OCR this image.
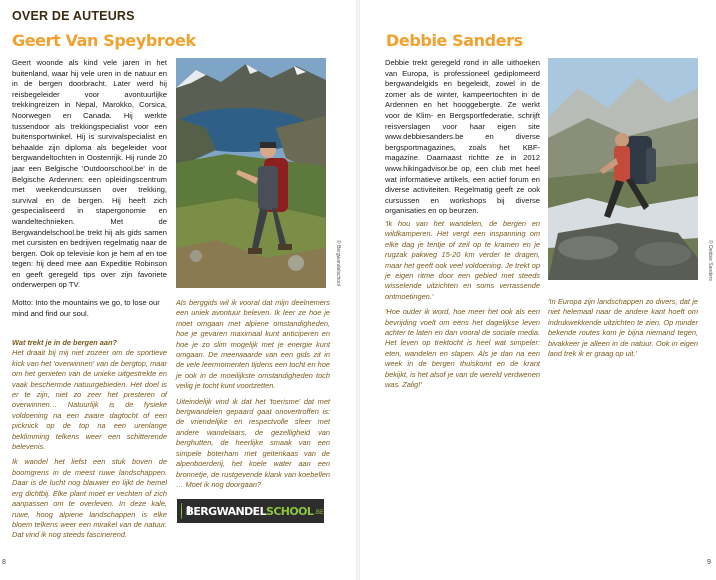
OVER DE AUTEURS
Geert Van Speybroek

Geert woonde als kind vele jaren in het buitenland, waar hij vele uren in de natuur en in de bergen doorbracht. Later werd hij reisbegeleider voor avontuurlijke trekkingreizen in Nepal, Marokko, Corsica, Noorwegen en Canada. Hij werkte tussendoor als trekkingspecialist voor een buitensportwinkel. Hij is survivalspecialist en behaalde zijn diploma als begeleider voor bergwandeltochten in Oostenrijk. Hij runde 20 jaar een Belgische 'Outdoorschool.be' in de Belgische Ardennen: een opleidingscentrum met weekendcursussen over trekking, survival en de bergen. Hij heeft zich gespecialiseerd in stapergonomie en wandeltechnieken. Met de Bergwandelschool.be trekt hij als gids samen met cursisten en bedrijven regelmatig naar de bergen. Ook op televisie kon je hem af en toe tegen: hij deed mee aan Expeditie Robinson en geeft geregeld tips over zijn favoriete onderwerpen op TV.	© Bergwandelschool

Motto: Into the mountains we go, to lose our mind and find our soul.

Wat trekt je in de bergen aan?
Het draait bij mij niet zozeer om de sportieve kick van het 'overwinnen' van de bergtop, maar om het genieten van de unieke uitgestrekte en vaak beschermde natuurgebieden. Het doel is er te zijn, niet zo zeer het presteren of overwinnen… Natuurlijk is de fysieke voldoening na een zware dagtocht of een picknick op de top na een urenlange beklimming telkens weer een schitterende belevenis.

Ik wandel het liefst een stuk boven de boomgrens in de meest ruwe landschappen. Daar is de lucht nog blauwer en lijkt de hemel erg dichtbij. Elke plant moet er vechten of zich aanpassen om te overleven. In deze kale, ruwe, hoog alpiene landschappen is elke bloem telkens weer een mirakel van de natuur. Dat vind ik nog steeds fascinerend.

Als berggids wil ik vooral dat mijn deelnemers een uniek avontuur beleven. Ik leer ze hoe je moet omgaan met alpiene omstandigheden, hoe je gevaren maximaal kunt anticiperen en hoe je zo slim mogelijk met je energie kunt omgaan. De meerwaarde van een gids zit in de vele leermomenten tijdens een tocht en hoe je ook in de moeilijkste omstandigheden toch veilig je tocht kunt voortzetten.

Uiteindelijk vind ik dat het 'toerisme' dat met bergwandelen gepaard gaat onovertroffen is: de vriendelijke en respectvolle sfeer met andere wandelaars, de gezelligheid van berghutten, de heerlijke smaak van een simpele boterham met geitenkaas van de alpenboerderij, het koele water aan een bronnetje, de rustgevende klank van koebellen … Moet ik nog doorgaan?

BERGWANDELSCHOOL .BE
8
Debbie Sanders

Debbie trekt geregeld rond in alle uithoeken van Europa, is professioneel gediplomeerd bergwandelgids en begeleidt, zowel in de zomer als de winter, kampeertochten in de Ardennen en het hooggebergte. Ze werkt voor de Klim- en Bergsportfederatie, schrijft reisverslagen voor haar eigen site www.debbiesanders.be en diverse bergsportmagazines, zoals het KBF-magazine. Daarnaast richtte ze in 2012 www.hikingadvisor.be op, een club met heel wat informatieve artikels, een actief forum en diverse activiteiten. Regelmatig geeft ze ook cursussen en workshops bij diverse organisaties en op beurzen.

© Debbie Sanders

'Ik hou van het wandelen, de bergen en wildkamperen. Het vergt een inspanning om elke dag je tentje of zeil op te kramen en je rugzak pakweg 15-20 km verder te dragen, maar het geeft ook veel voldoening. Je trekt op je eigen ritme door een gebied met steeds wisselende uitzichten en soms verrassende ontmoetingen.'

'Hoe ouder ik word, hoe meer het ook als een bevrijding voelt om eens het dagelijkse leven achter te laten en dan vooral de sociale media. Het leven op trektocht is heel wat simpeler: eten, wandelen en slapen. Als je dan na een week in de bergen thuiskomt en de krant bekijkt, is het alsof je van de wereld verdwenen was. Zalig!'

'In Europa zijn landschappen zo divers, dat je niet helemaal naar de andere kant hoeft om indrukwekkende uitzichten te zien. Op minder bekende routes kom je bijna niemand tegen, bivakkeer je alleen in de natuur. Ook in eigen land trek ik er graag op uit.'

9
